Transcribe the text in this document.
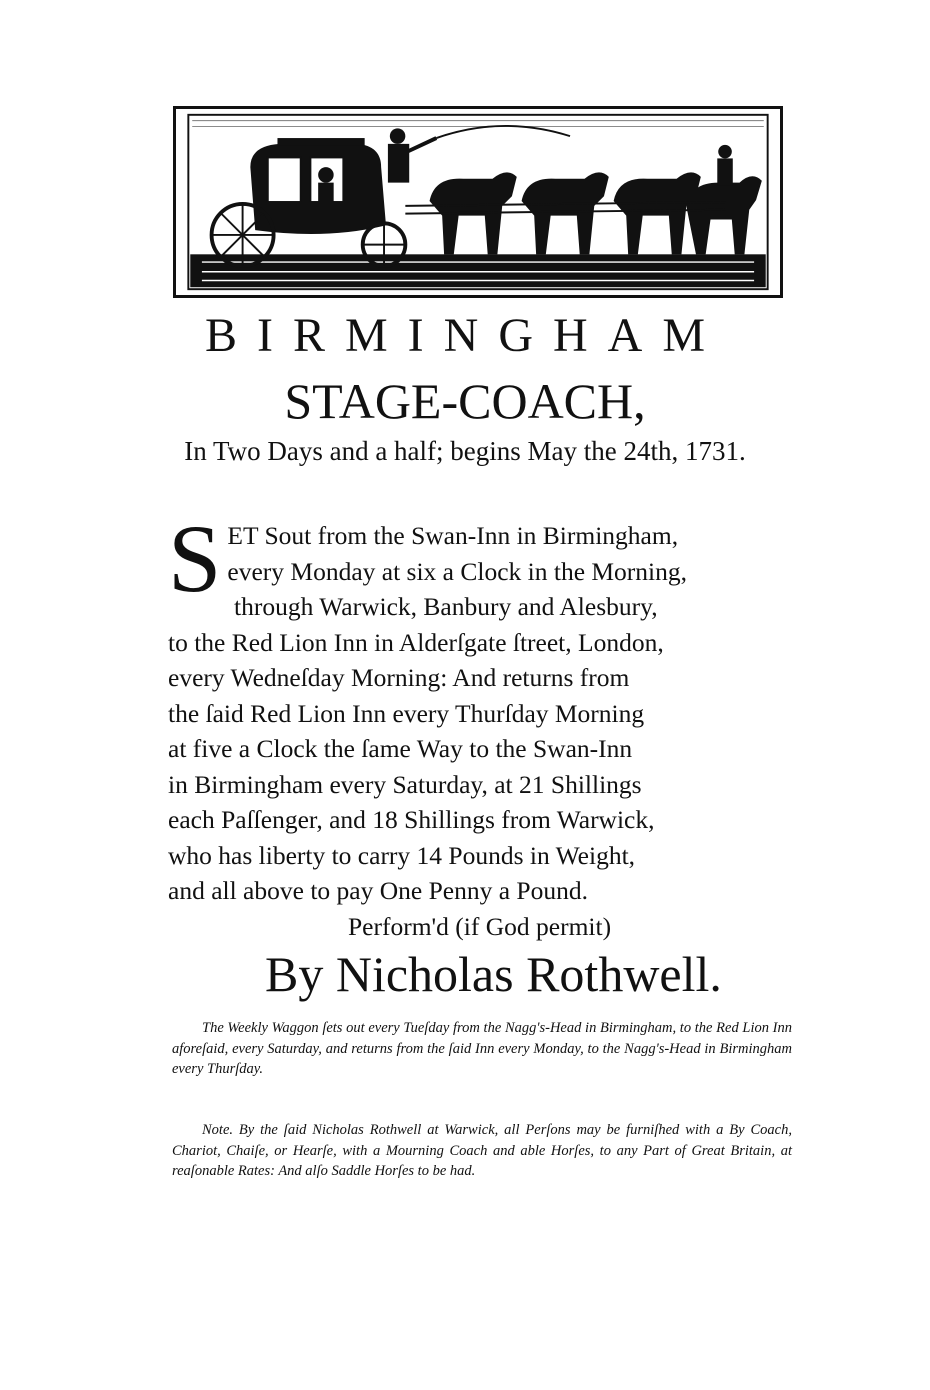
BIRMINGHAM
STAGE-COACH,
In Two Days and a half; begins May the 24th, 1731.
S ET Sout from the Swan-Inn in Birmingham,
every Monday at six a Clock in the Morning,
through Warwick, Banbury and Alesbury,
to the Red Lion Inn in Alderſgate ſtreet, London,
every Wedneſday Morning: And returns from
the ſaid Red Lion Inn every Thurſday Morning
at five a Clock the ſame Way to the Swan-Inn
in Birmingham every Saturday, at 21 Shillings
each Paſſenger, and 18 Shillings from Warwick,
who has liberty to carry 14 Pounds in Weight,
and all above to pay One Penny a Pound.
Perform'd (if God permit)
By Nicholas Rothwell.
The Weekly Waggon ſets out every Tueſday from the Nagg's-Head in Birmingham, to the Red Lion Inn aforeſaid, every Saturday, and returns from the ſaid Inn every Monday, to the Nagg's-Head in Birmingham every Thurſday.
Note. By the ſaid Nicholas Rothwell at Warwick, all Perſons may be furniſhed with a By Coach, Chariot, Chaiſe, or Hearſe, with a Mourning Coach and able Horſes, to any Part of Great Britain, at reaſonable Rates: And alſo Saddle Horſes to be had.
